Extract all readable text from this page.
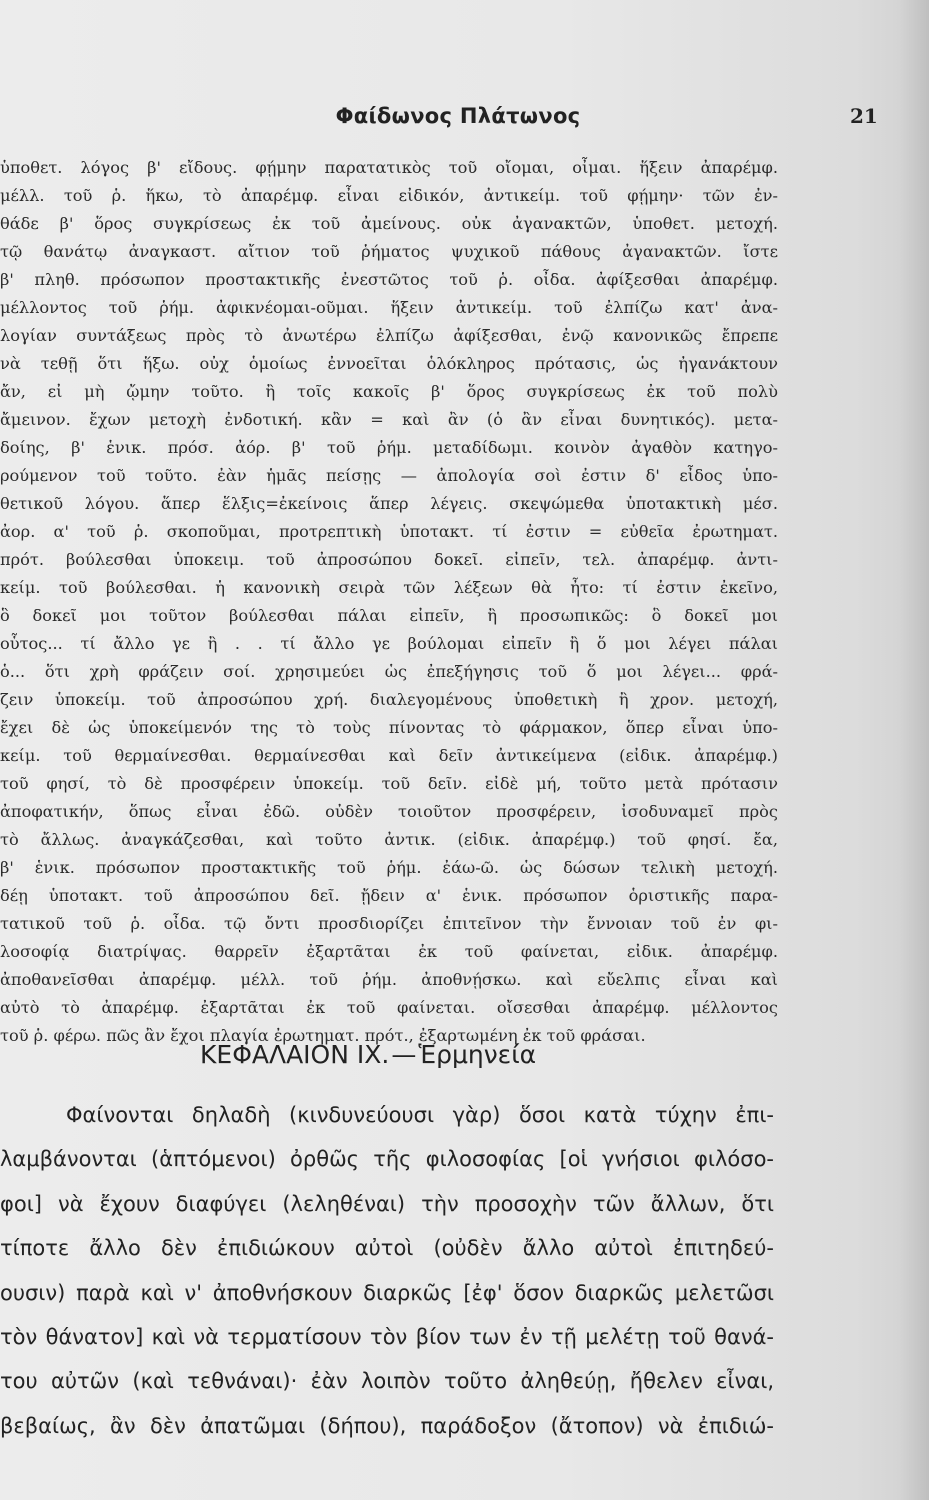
Φαίδωνος Πλάτωνος	21
ὑποθετ. λόγος β' εἴδους. φῄμην παρατατικὸς τοῦ οἴομαι, οἶμαι. ἥξειν ἀπαρέμφ.
μέλλ. τοῦ ῥ. ἥκω, τὸ ἀπαρέμφ. εἶναι εἰδικόν, ἀντικείμ. τοῦ φῄμην· τῶν ἐν-
θάδε β' ὅρος συγκρίσεως ἐκ τοῦ ἀμείνους. οὐκ ἀγανακτῶν, ὑποθετ. μετοχή.
τῷ θανάτῳ ἀναγκαστ. αἴτιον τοῦ ῥήματος ψυχικοῦ πάθους ἀγανακτῶν. ἴστε
β' πληθ. πρόσωπον προστακτικῆς ἐνεστῶτος τοῦ ῥ. οἶδα. ἀφίξεσθαι ἀπαρέμφ.
μέλλοντος τοῦ ῥήμ. ἀφικνέομαι-οῦμαι. ἥξειν ἀντικείμ. τοῦ ἐλπίζω κατ' ἀνα-
λογίαν συντάξεως πρὸς τὸ ἀνωτέρω ἐλπίζω ἀφίξεσθαι, ἐνῷ κανονικῶς ἔπρεπε
νὰ τεθῇ ὅτι ἥξω. οὐχ ὁμοίως ἐννοεῖται ὁλόκληρος πρότασις, ὡς ἠγανάκτουν
ἄν, εἰ μὴ ᾤμην τοῦτο. ἢ τοῖς κακοῖς β' ὅρος συγκρίσεως ἐκ τοῦ πολὺ
ἄμεινον. ἔχων μετοχὴ ἐνδοτική. κἂν = καὶ ἂν (ὁ ἂν εἶναι δυνητικός). μετα-
δοίης, β' ἑνικ. πρόσ. ἀόρ. β' τοῦ ῥήμ. μεταδίδωμι. κοινὸν ἀγαθὸν κατηγο-
ρούμενον τοῦ τοῦτο. ἐὰν ἡμᾶς πείσῃς — ἀπολογία σοὶ ἐστιν δ' εἶδος ὑπο-
θετικοῦ λόγου. ἅπερ ἕλξις=ἐκείνοις ἅπερ λέγεις. σκεψώμεθα ὑποτακτικὴ μέσ.
ἀορ. α' τοῦ ῥ. σκοποῦμαι, προτρεπτικὴ ὑποτακτ. τί ἐστιν = εὐθεῖα ἐρωτηματ.
πρότ. βούλεσθαι ὑποκειμ. τοῦ ἀπροσώπου δοκεῖ. εἰπεῖν, τελ. ἀπαρέμφ. ἀντι-
κείμ. τοῦ βούλεσθαι. ἡ κανονικὴ σειρὰ τῶν λέξεων θὰ ἦτο: τί ἐστιν ἐκεῖνο,
ὃ δοκεῖ μοι τοῦτον βούλεσθαι πάλαι εἰπεῖν, ἢ προσωπικῶς: ὃ δοκεῖ μοι
οὗτος... τί ἄλλο γε ἢ . . τί ἄλλο γε βούλομαι εἰπεῖν ἢ ὅ μοι λέγει πάλαι
ὁ... ὅτι χρὴ φράζειν σοί. χρησιμεύει ὡς ἐπεξήγησις τοῦ ὅ μοι λέγει... φρά-
ζειν ὑποκείμ. τοῦ ἀπροσώπου χρή. διαλεγομένους ὑποθετικὴ ἢ χρον. μετοχή,
ἔχει δὲ ὡς ὑποκείμενόν της τὸ τοὺς πίνοντας τὸ φάρμακον, ὅπερ εἶναι ὑπο-
κείμ. τοῦ θερμαίνεσθαι. θερμαίνεσθαι καὶ δεῖν ἀντικείμενα (εἰδικ. ἀπαρέμφ.)
τοῦ φησί, τὸ δὲ προσφέρειν ὑποκείμ. τοῦ δεῖν. εἰδὲ μή, τοῦτο μετὰ πρότασιν
ἀποφατικήν, ὅπως εἶναι ἐδῶ. οὐδὲν τοιοῦτον προσφέρειν, ἰσοδυναμεῖ πρὸς
τὸ ἄλλως. ἀναγκάζεσθαι, καὶ τοῦτο ἀντικ. (εἰδικ. ἀπαρέμφ.) τοῦ φησί. ἔα,
β' ἑνικ. πρόσωπον προστακτικῆς τοῦ ῥήμ. ἐάω-ῶ. ὡς δώσων τελικὴ μετοχή.
δέῃ ὑποτακτ. τοῦ ἀπροσώπου δεῖ. ᾔδειν α' ἑνικ. πρόσωπον ὁριστικῆς παρα-
τατικοῦ τοῦ ῥ. οἶδα. τῷ ὄντι προσδιορίζει ἐπιτεῖνον τὴν ἔννοιαν τοῦ ἐν φι-
λοσοφίᾳ διατρίψας. θαρρεῖν ἐξαρτᾶται ἐκ τοῦ φαίνεται, εἰδικ. ἀπαρέμφ.
ἀποθανεῖσθαι ἀπαρέμφ. μέλλ. τοῦ ῥήμ. ἀποθνῄσκω. καὶ εὔελπις εἶναι καὶ
αὐτὸ τὸ ἀπαρέμφ. ἐξαρτᾶται ἐκ τοῦ φαίνεται. οἴσεσθαι ἀπαρέμφ. μέλλοντος
τοῦ ῥ. φέρω. πῶς ἂν ἔχοι πλαγία ἐρωτηματ. πρότ., ἐξαρτωμένη ἐκ τοῦ φράσαι.
ΚΕΦΑΛΑΙΟΝ IX.—Ἑρμηνεία
Φαίνονται δηλαδὴ (κινδυνεύουσι γὰρ) ὅσοι κατὰ τύχην ἐπι-
λαμβάνονται (ἁπτόμενοι) ὀρθῶς τῆς φιλοσοφίας [οἱ γνήσιοι φιλόσο-
φοι] νὰ ἔχουν διαφύγει (λεληθέναι) τὴν προσοχὴν τῶν ἄλλων, ὅτι
τίποτε ἄλλο δὲν ἐπιδιώκουν αὐτοὶ (οὐδὲν ἄλλο αὐτοὶ ἐπιτηδεύ-
ουσιν) παρὰ καὶ ν' ἀποθνήσκουν διαρκῶς [ἐφ' ὅσον διαρκῶς μελετῶσι
τὸν θάνατον] καὶ νὰ τερματίσουν τὸν βίον των ἐν τῇ μελέτῃ τοῦ θανά-
του αὐτῶν (καὶ τεθνάναι)· ἐὰν λοιπὸν τοῦτο ἀληθεύῃ, ἤθελεν εἶναι,
βεβαίως, ἂν δὲν ἀπατῶμαι (δήπου), παράδοξον (ἄτοπον) νὰ ἐπιδιώ-
